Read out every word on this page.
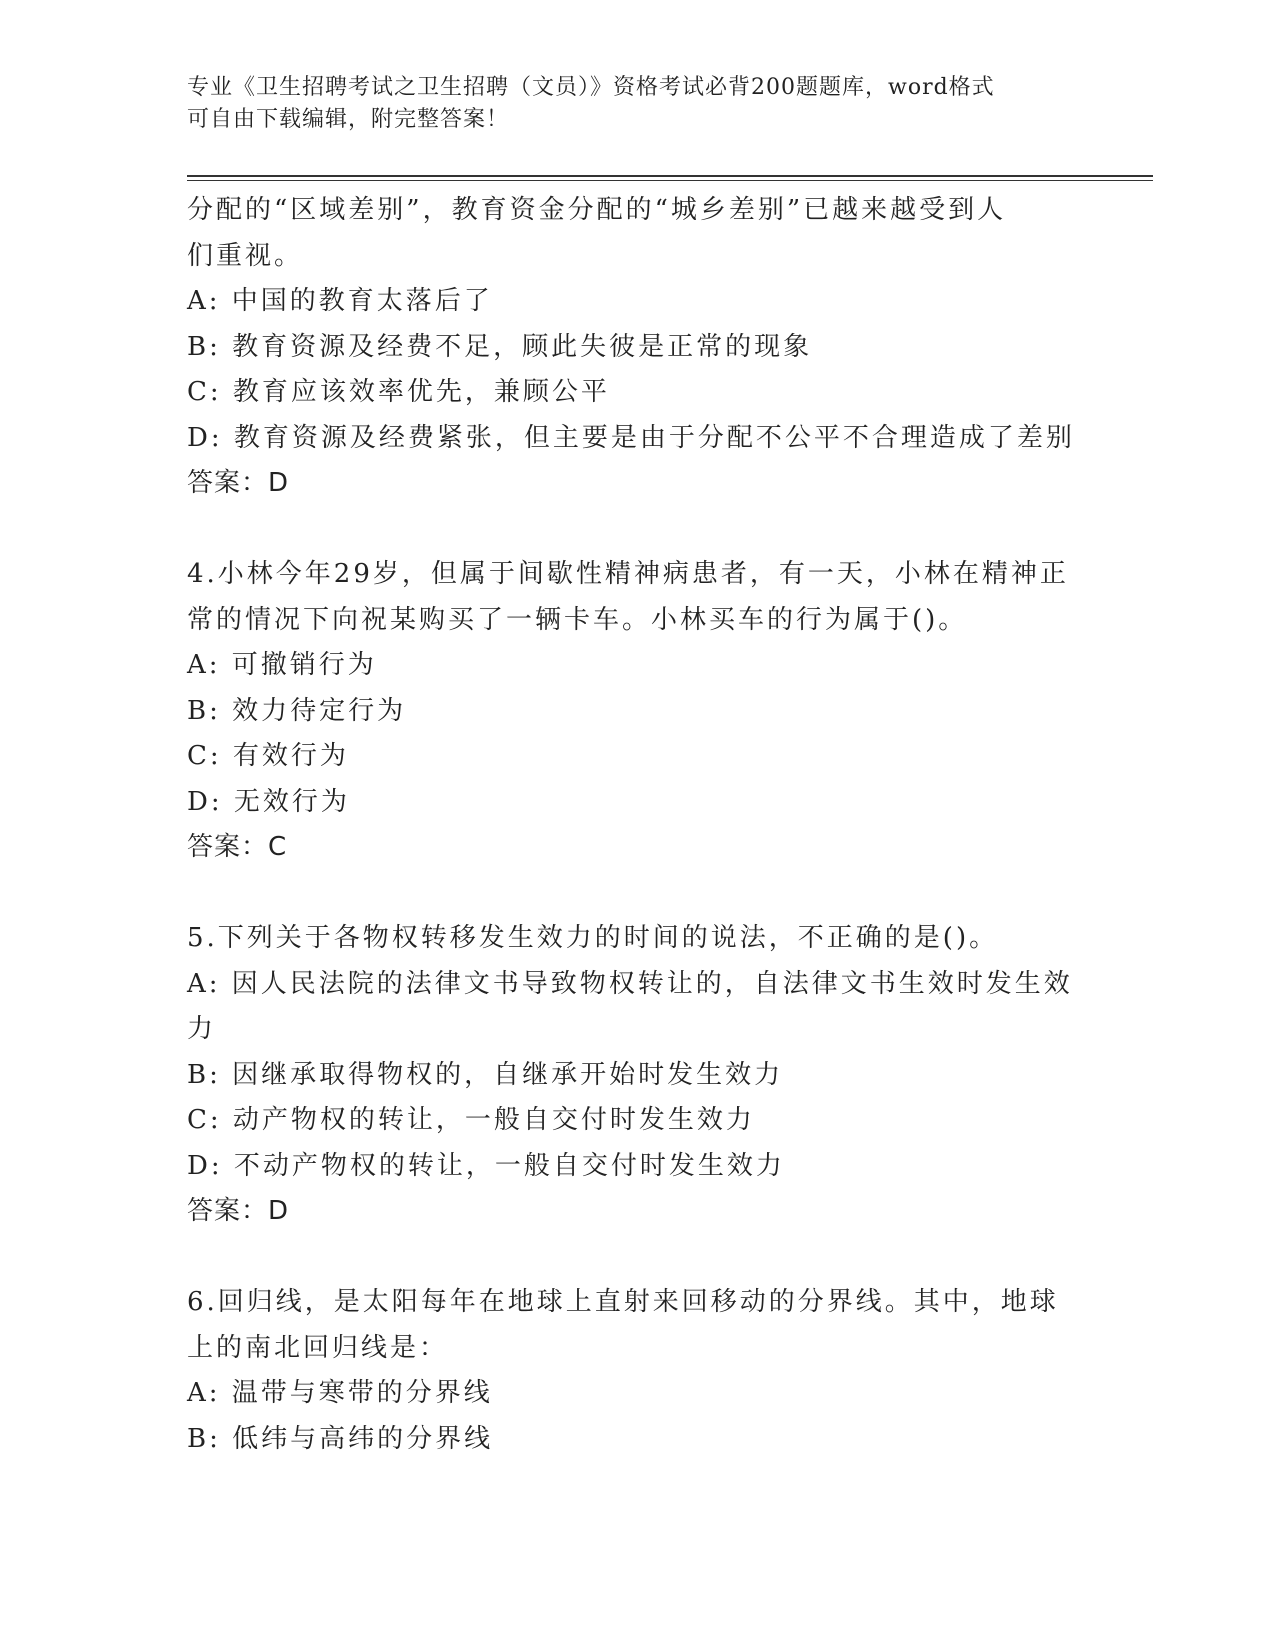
专业《卫生招聘考试之卫生招聘（文员）》资格考试必背200题题库，word格式
可自由下载编辑，附完整答案！
分配的“区域差别”，教育资金分配的“城乡差别”已越来越受到人
们重视。
A: 中国的教育太落后了
B: 教育资源及经费不足，顾此失彼是正常的现象
C: 教育应该效率优先，兼顾公平
D: 教育资源及经费紧张，但主要是由于分配不公平不合理造成了差别
答案：D
4.小林今年29岁，但属于间歇性精神病患者，有一天，小林在精神正
常的情况下向祝某购买了一辆卡车。小林买车的行为属于()。
A: 可撤销行为
B: 效力待定行为
C: 有效行为
D: 无效行为
答案：C
5.下列关于各物权转移发生效力的时间的说法，不正确的是()。
A: 因人民法院的法律文书导致物权转让的，自法律文书生效时发生效
力
B: 因继承取得物权的，自继承开始时发生效力
C: 动产物权的转让，一般自交付时发生效力
D: 不动产物权的转让，一般自交付时发生效力
答案：D
6.回归线，是太阳每年在地球上直射来回移动的分界线。其中，地球
上的南北回归线是：
A: 温带与寒带的分界线
B: 低纬与高纬的分界线
